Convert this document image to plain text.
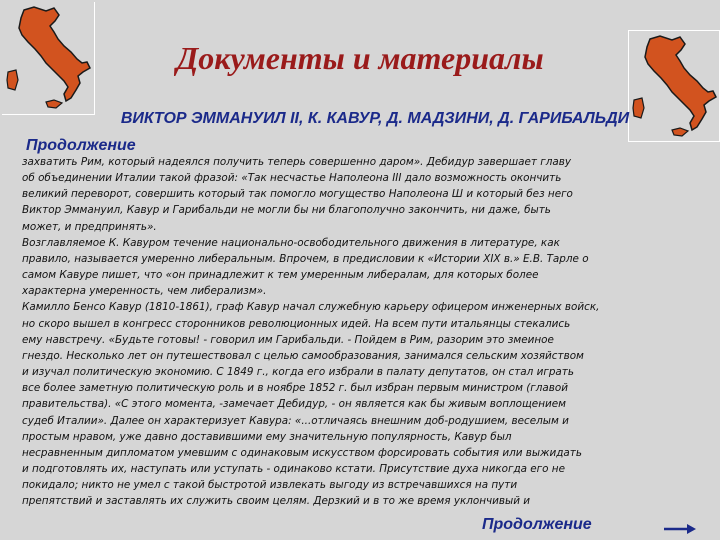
Документы и материалы
ВИКТОР ЭММАНУИЛ II, К. КАВУР, Д. МАДЗИНИ, Д. ГАРИБАЛЬДИ
Продолжение
захватить Рим, который надеялся получить теперь совершенно даром». Дебидур завершает главу
об объединении Италии такой фразой: «Так несчастье Наполеона III дало возможность окончить
великий переворот, совершить который так помогло могущество Наполеона Ш и который без него
Виктор Эммануил, Кавур и Гарибальди не могли бы ни благополучно закончить, ни даже, быть
может, и предпринять».
Возглавляемое К. Кавуром течение национально-освободительного движения в литературе, как
правило, называется умеренно либеральным. Впрочем, в предисловии к «Истории XIX в.» Е.В. Тарле о
самом Кавуре пишет, что «он принадлежит к тем умеренным либералам, для которых более
характерна умеренность, чем либерализм».
Камилло Бенсо Кавур (1810-1861), граф Кавур начал служебную карьеру офицером инженерных войск,
но скоро вышел в конгресс сторонников революционных идей. На всем пути итальянцы стекались
ему навстречу. «Будьте готовы! - говорил им Гарибальди. - Пойдем в Рим, разорим это змеиное
гнездо. Несколько лет он путешествовал с целью самообразования, занимался сельским хозяйством
и изучал политическую экономию. С 1849 г., когда его избрали в палату депутатов, он стал играть
все более заметную политическую роль и в ноябре 1852 г. был избран первым министром (главой
правительства). «С этого момента, -замечает Дебидур, - он является как бы живым воплощением
судеб Италии». Далее он характеризует Кавура: «...отличаясь внешним доб-родушием, веселым и
простым нравом, уже давно доставившими ему значительную популярность, Кавур был
несравненным дипломатом умевшим с одинаковым искусством форсировать события или выжидать
и подготовлять их, наступать или уступать - одинаково кстати. Присутствие духа никогда его не
покидало; никто не умел с такой быстротой извлекать выгоду из встречавшихся на пути
препятствий и заставлять их служить своим целям. Дерзкий и в то же время уклончивый и
Продолжение
